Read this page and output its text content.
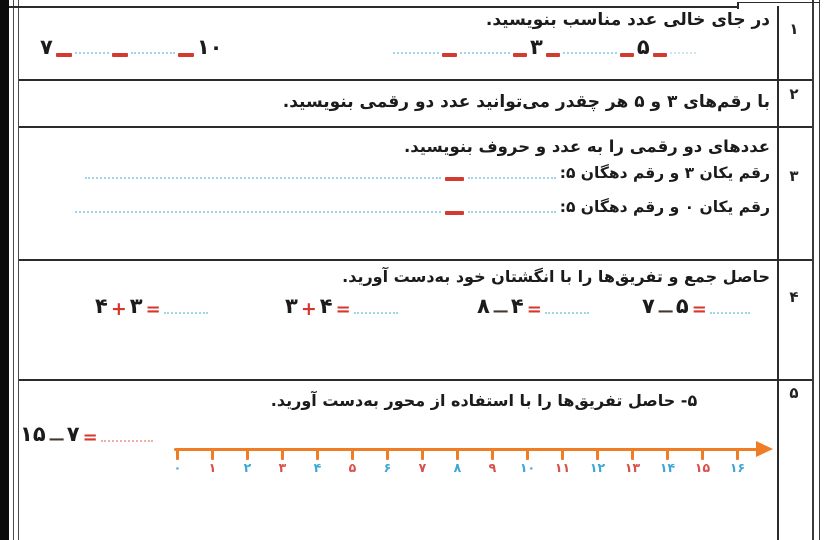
۱
۲
۳
۴
۵
در جای خالی عدد مناسب بنویسید.
۷	۱۰	۳	۵
با رقم‌های ۳ و ۵ هر چقدر می‌توانید عدد دو رقمی بنویسید.
عددهای دو رقمی را به عدد و حروف بنویسید.
رقم یکان ۳ و رقم دهگان ۵:
رقم یکان ۰ و رقم دهگان ۵:
حاصل جمع و تفریق‌ها را با انگشتان خود به‌دست آورید.
۴ + ۳ =	۳ + ۴ =	۸ − ۴ =	۷ − ۵ =
۵- حاصل تفریق‌ها را با استفاده از محور به‌دست آورید.
۱۵ − ۷ =
۰ ۱ ۲ ۳ ۴ ۵ ۶ ۷ ۸ ۹ ۱۰ ۱۱ ۱۲ ۱۳ ۱۴ ۱۵ ۱۶
